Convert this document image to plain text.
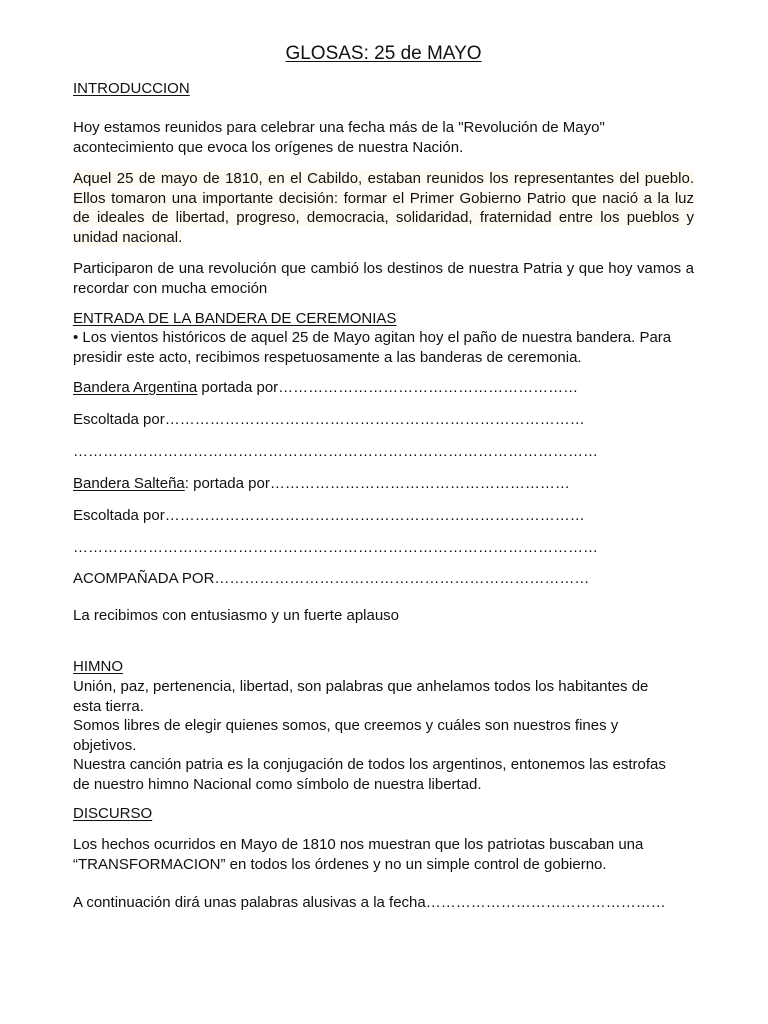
GLOSAS: 25 de MAYO

INTRODUCCION

Hoy estamos reunidos para celebrar una fecha más de la "Revolución de Mayo"
acontecimiento que evoca los orígenes de nuestra Nación.

Aquel 25 de mayo de 1810, en el Cabildo, estaban reunidos los representantes del pueblo. Ellos tomaron una importante decisión: formar el Primer Gobierno Patrio que nació a la luz de ideales de libertad, progreso, democracia, solidaridad, fraternidad entre los pueblos y unidad nacional.

Participaron de una revolución que cambió los destinos de nuestra Patria y que hoy vamos a recordar con mucha emoción

ENTRADA DE LA BANDERA DE CEREMONIAS

• Los vientos históricos de aquel 25 de Mayo agitan hoy el paño de nuestra bandera. Para
presidir este acto, recibimos respetuosamente a las banderas de ceremonia.

Bandera Argentina portada por……………………………………………………

Escoltada por…………………………………………………………………………

……………………………………………………………………………………………

Bandera Salteña: portada por……………………………………………………

Escoltada por…………………………………………………………………………

……………………………………………………………………………………………

ACOMPAÑADA POR…………………………………………………………………

La recibimos con entusiasmo y un fuerte aplauso

HIMNO

Unión, paz, pertenencia, libertad, son palabras que anhelamos todos los habitantes de
esta tierra.
Somos libres de elegir quienes somos, que creemos y cuáles son nuestros fines y
objetivos.
Nuestra canción patria es la conjugación de todos los argentinos, entonemos las estrofas
de nuestro himno Nacional como símbolo de nuestra libertad.

DISCURSO

Los hechos ocurridos en Mayo de 1810 nos muestran que los patriotas buscaban una
“TRANSFORMACION” en todos los órdenes y no un simple control de gobierno.

A continuación dirá unas palabras alusivas a la fecha…………………………………………
